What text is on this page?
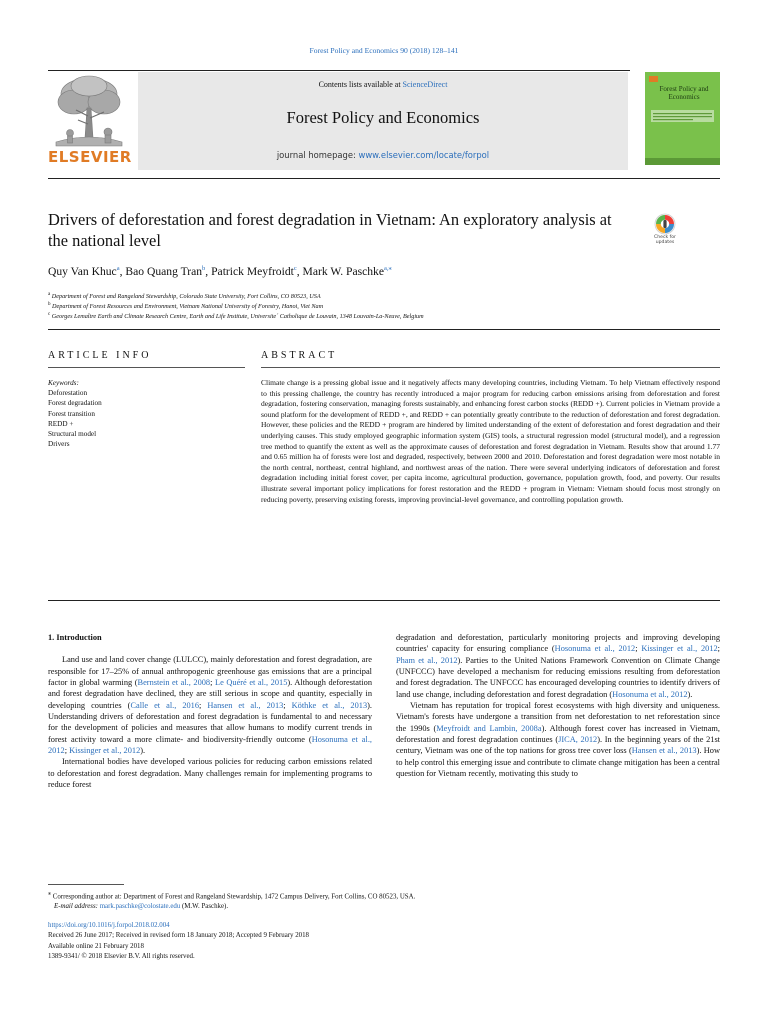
Forest Policy and Economics 90 (2018) 128–141
ELSEVIER
Contents lists available at ScienceDirect
Forest Policy and Economics
journal homepage: www.elsevier.com/locate/forpol
Forest Policy and Economics
Drivers of deforestation and forest degradation in Vietnam: An exploratory analysis at the national level	Check for updates
Quy Van Khuc$^a$, Bao Quang Tran$^b$, Patrick Meyfroidt$^c$, Mark W. Paschke$^{a,⁎}$
$^a$ Department of Forest and Rangeland Stewardship, Colorado State University, Fort Collins, CO 80523, USA
$^b$ Department of Forest Resources and Environment, Vietnam National University of Forestry, Hanoi, Viet Nam
$^c$ Georges Lemaître Earth and Climate Research Centre, Earth and Life Institute, Universite´ Catholique de Louvain, 1348 Louvain-La-Neuve, Belgium
ARTICLE INFO	ABSTRACT
Keywords:
Deforestation
Forest degradation
Forest transition
REDD +
Structural model
Drivers
Climate change is a pressing global issue and it negatively affects many developing countries, including Vietnam. To help Vietnam effectively respond to this pressing challenge, the country has recently introduced a major program for reducing carbon emissions arising from deforestation and forest degradation, fostering conservation, managing forests sustainably, and enhancing forest carbon stocks (REDD +). Current policies in Vietnam provide a sound platform for the development of REDD +, and REDD + can potentially greatly contribute to the reduction of deforestation and forest degradation. However, these policies and the REDD + program are hindered by limited understanding of the extent of deforestation and forest degradation and their underlying causes. This study employed geographic information system (GIS) tools, a structural regression model (structural model), and a regression tree method to quantify the extent as well as the approximate causes of deforestation and forest degradation in Vietnam. Results show that around 1.77 and 0.65 million ha of forests were lost and degraded, respectively, between 2000 and 2010. Deforestation and forest degradation were most notable in the north central, northeast, central highland, and northwest areas of the nation. There were several underlying indicators of deforestation and forest degradation including initial forest cover, per capita income, agricultural production, governance, population growth, food, and poverty. Our results illustrate several important policy implications for forest restoration and the REDD + program in Vietnam: Vietnam should focus most strongly on reducing poverty, preserving existing forests, improving provincial-level governance, and controlling population growth.
1. Introduction

Land use and land cover change (LULCC), mainly deforestation and forest degradation, are responsible for 17–25% of annual anthropogenic greenhouse gas emissions that are a principal factor in global warming (Bernstein et al., 2008; Le Quéré et al., 2015). Although deforestation and forest degradation have declined, they are still serious in scope and quantity, especially in developing countries (Calle et al., 2016; Hansen et al., 2013; Köthke et al., 2013). Understanding drivers of deforestation and forest degradation is fundamental to and necessary for the development of policies and measures that allow humans to modify current trends in forest activity toward a more climate- and biodiversity-friendly outcome (Hosonuma et al., 2012; Kissinger et al., 2012).

International bodies have developed various policies for reducing carbon emissions related to deforestation and forest degradation. Many challenges remain for implementing programs to reduce forest

degradation and deforestation, particularly monitoring projects and improving developing countries' capacity for ensuring compliance (Hosonuma et al., 2012; Kissinger et al., 2012; Pham et al., 2012). Parties to the United Nations Framework Convention on Climate Change (UNFCCC) have developed a mechanism for reducing emissions resulting from deforestation and forest degradation. The UNFCCC has encouraged developing countries to identify drivers of land use change, including deforestation and forest degradation (Hosonuma et al., 2012).

Vietnam has reputation for tropical forest ecosystems with high diversity and uniqueness. Vietnam's forests have undergone a transition from net deforestation to net reforestation since the 1990s (Meyfroidt and Lambin, 2008a). Although forest cover has increased in Vietnam, deforestation and forest degradation continues (JICA, 2012). In the beginning years of the 21st century, Vietnam was one of the top nations for gross tree cover loss (Hansen et al., 2013). How to help control this emerging issue and contribute to climate change mitigation has been a central question for Vietnam recently, motivating this study to

⁎ Corresponding author at: Department of Forest and Rangeland Stewardship, 1472 Campus Delivery, Fort Collins, CO 80523, USA.
E-mail address: mark.paschke@colostate.edu (M.W. Paschke).
https://doi.org/10.1016/j.forpol.2018.02.004
Received 26 June 2017; Received in revised form 18 January 2018; Accepted 9 February 2018
Available online 21 February 2018
1389-9341/ © 2018 Elsevier B.V. All rights reserved.
